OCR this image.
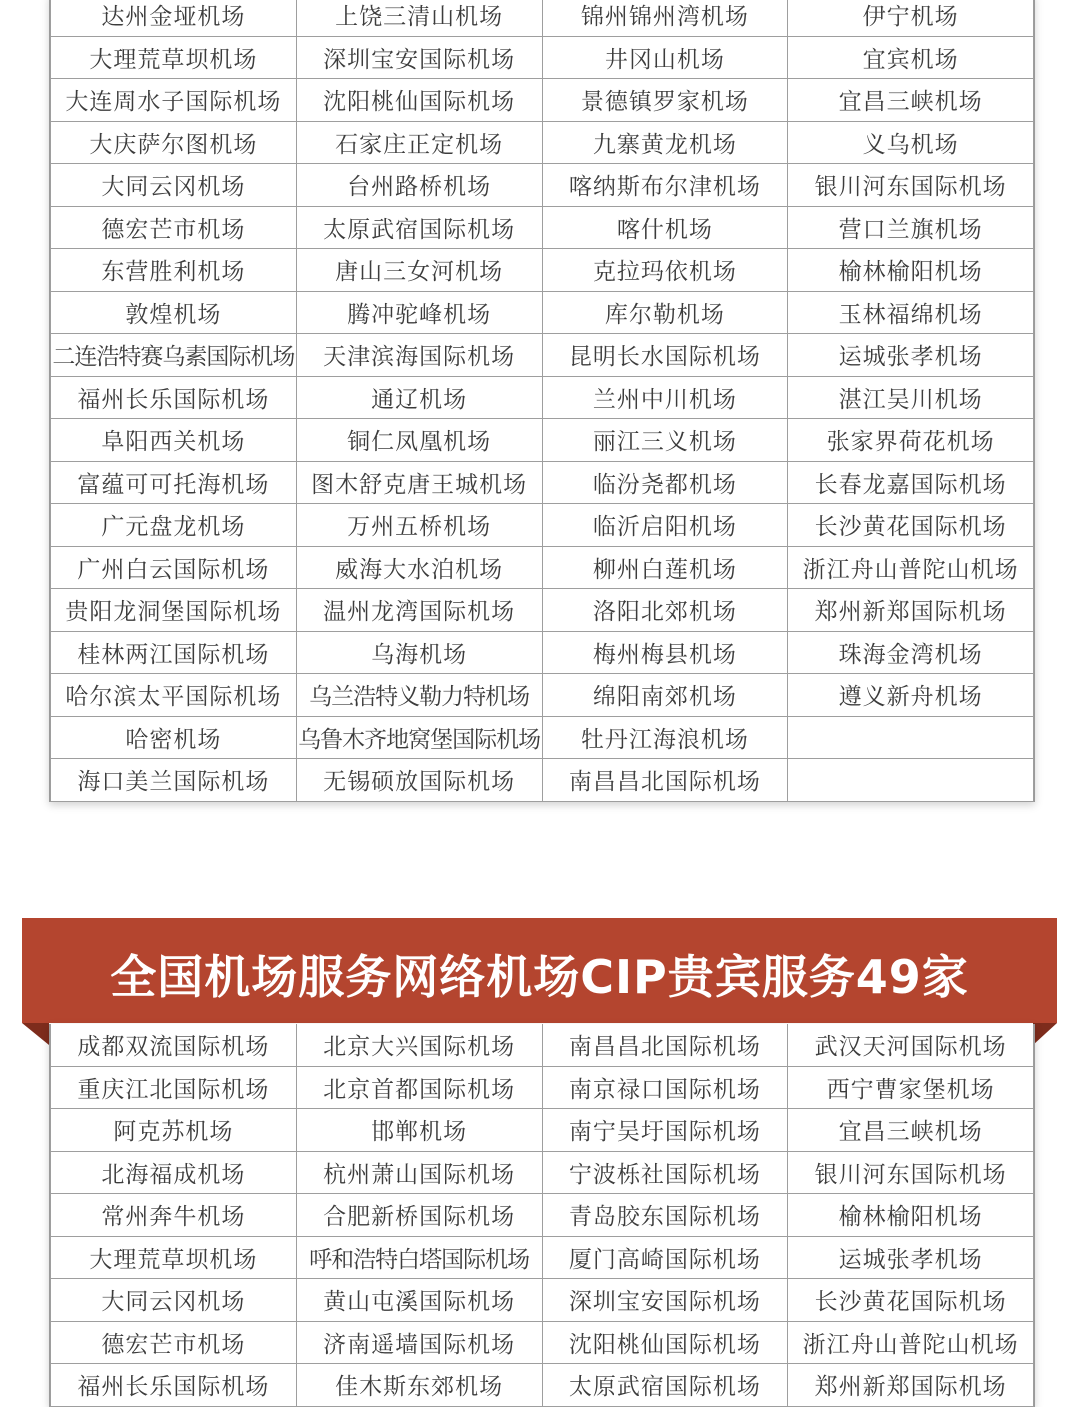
达州金垭机场	上饶三清山机场	锦州锦州湾机场	伊宁机场
大理荒草坝机场	深圳宝安国际机场	井冈山机场	宜宾机场
大连周水子国际机场	沈阳桃仙国际机场	景德镇罗家机场	宜昌三峡机场
大庆萨尔图机场	石家庄正定机场	九寨黄龙机场	义乌机场
大同云冈机场	台州路桥机场	喀纳斯布尔津机场	银川河东国际机场
德宏芒市机场	太原武宿国际机场	喀什机场	营口兰旗机场
东营胜利机场	唐山三女河机场	克拉玛依机场	榆林榆阳机场
敦煌机场	腾冲驼峰机场	库尔勒机场	玉林福绵机场
二连浩特赛乌素国际机场	天津滨海国际机场	昆明长水国际机场	运城张孝机场
福州长乐国际机场	通辽机场	兰州中川机场	湛江吴川机场
阜阳西关机场	铜仁凤凰机场	丽江三义机场	张家界荷花机场
富蕴可可托海机场	图木舒克唐王城机场	临汾尧都机场	长春龙嘉国际机场
广元盘龙机场	万州五桥机场	临沂启阳机场	长沙黄花国际机场
广州白云国际机场	威海大水泊机场	柳州白莲机场	浙江舟山普陀山机场
贵阳龙洞堡国际机场	温州龙湾国际机场	洛阳北郊机场	郑州新郑国际机场
桂林两江国际机场	乌海机场	梅州梅县机场	珠海金湾机场
哈尔滨太平国际机场	乌兰浩特义勒力特机场	绵阳南郊机场	遵义新舟机场
哈密机场	乌鲁木齐地窝堡国际机场	牡丹江海浪机场	
海口美兰国际机场	无锡硕放国际机场	南昌昌北国际机场	
全国机场服务网络机场CIP贵宾服务49家
成都双流国际机场	北京大兴国际机场	南昌昌北国际机场	武汉天河国际机场
重庆江北国际机场	北京首都国际机场	南京禄口国际机场	西宁曹家堡机场
阿克苏机场	邯郸机场	南宁吴圩国际机场	宜昌三峡机场
北海福成机场	杭州萧山国际机场	宁波栎社国际机场	银川河东国际机场
常州奔牛机场	合肥新桥国际机场	青岛胶东国际机场	榆林榆阳机场
大理荒草坝机场	呼和浩特白塔国际机场	厦门高崎国际机场	运城张孝机场
大同云冈机场	黄山屯溪国际机场	深圳宝安国际机场	长沙黄花国际机场
德宏芒市机场	济南遥墙国际机场	沈阳桃仙国际机场	浙江舟山普陀山机场
福州长乐国际机场	佳木斯东郊机场	太原武宿国际机场	郑州新郑国际机场
